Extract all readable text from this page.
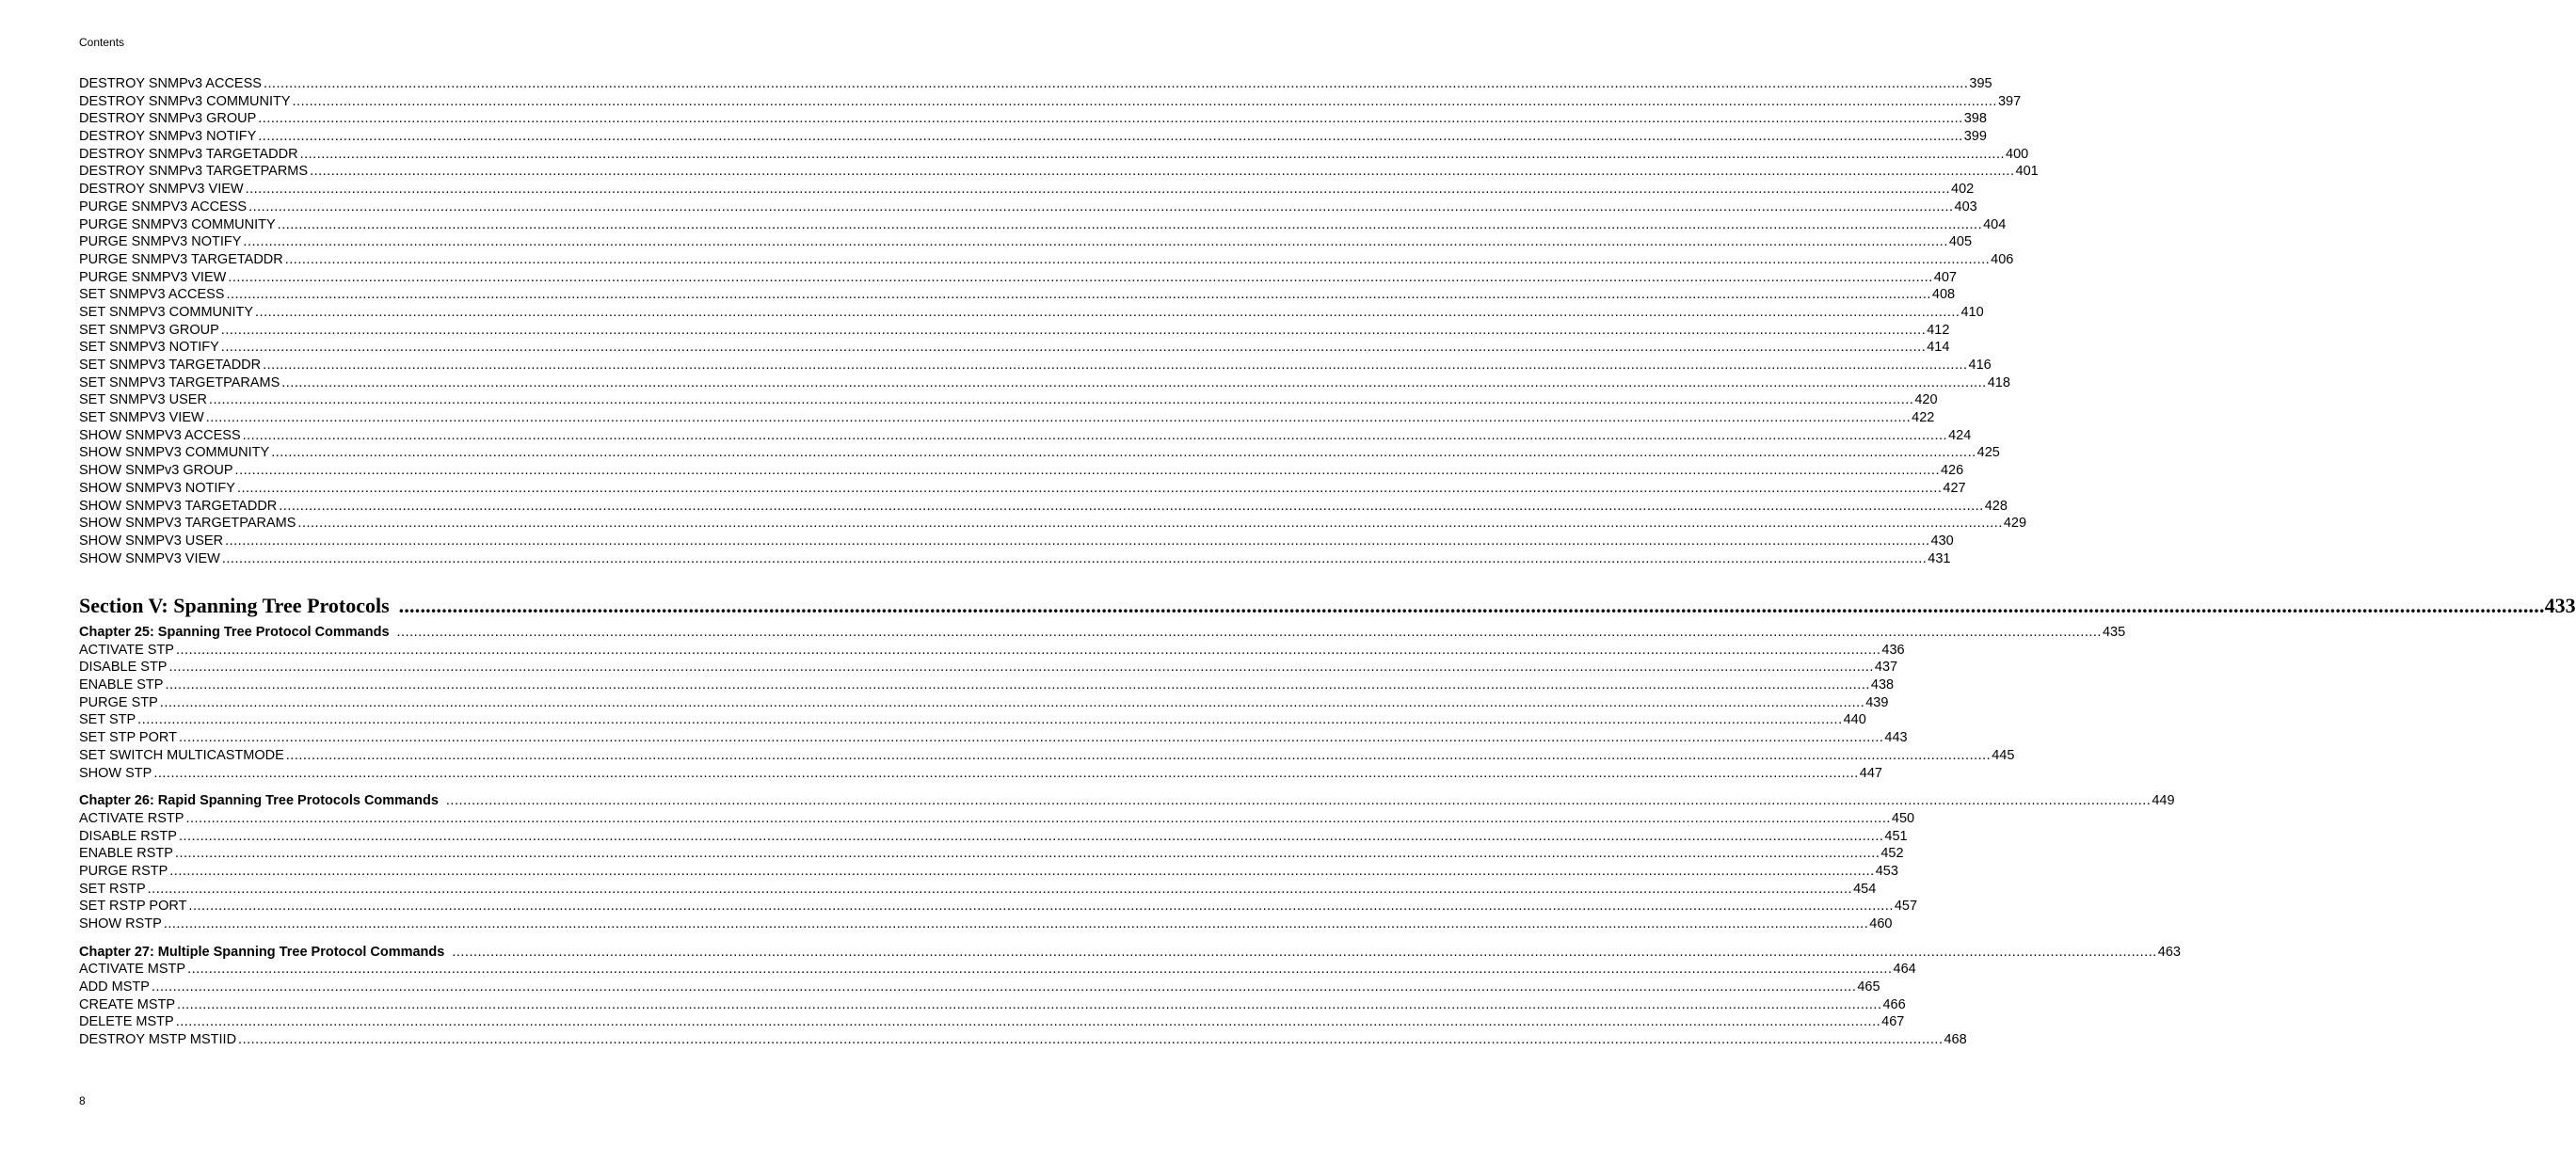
Contents
DESTROY SNMPv3 ACCESS ................................................................................................................................................................................................................................................................................................................................................................................................................ 395
DESTROY SNMPv3 COMMUNITY ................................................................................................................................................................................................................................................................................................................................................................................................................ 397
DESTROY SNMPv3 GROUP ................................................................................................................................................................................................................................................................................................................................................................................................................ 398
DESTROY SNMPv3 NOTIFY ................................................................................................................................................................................................................................................................................................................................................................................................................ 399
DESTROY SNMPv3 TARGETADDR ................................................................................................................................................................................................................................................................................................................................................................................................................ 400
DESTROY SNMPv3 TARGETPARMS ................................................................................................................................................................................................................................................................................................................................................................................................................ 401
DESTROY SNMPV3 VIEW ................................................................................................................................................................................................................................................................................................................................................................................................................ 402
PURGE SNMPV3 ACCESS ................................................................................................................................................................................................................................................................................................................................................................................................................ 403
PURGE SNMPV3 COMMUNITY ................................................................................................................................................................................................................................................................................................................................................................................................................ 404
PURGE SNMPV3 NOTIFY ................................................................................................................................................................................................................................................................................................................................................................................................................ 405
PURGE SNMPV3 TARGETADDR ................................................................................................................................................................................................................................................................................................................................................................................................................ 406
PURGE SNMPV3 VIEW ................................................................................................................................................................................................................................................................................................................................................................................................................ 407
SET SNMPV3 ACCESS ................................................................................................................................................................................................................................................................................................................................................................................................................ 408
SET SNMPV3 COMMUNITY ................................................................................................................................................................................................................................................................................................................................................................................................................ 410
SET SNMPV3 GROUP ................................................................................................................................................................................................................................................................................................................................................................................................................ 412
SET SNMPV3 NOTIFY ................................................................................................................................................................................................................................................................................................................................................................................................................ 414
SET SNMPV3 TARGETADDR ................................................................................................................................................................................................................................................................................................................................................................................................................ 416
SET SNMPV3 TARGETPARAMS ................................................................................................................................................................................................................................................................................................................................................................................................................ 418
SET SNMPV3 USER ................................................................................................................................................................................................................................................................................................................................................................................................................ 420
SET SNMPV3 VIEW ................................................................................................................................................................................................................................................................................................................................................................................................................ 422
SHOW SNMPV3 ACCESS ................................................................................................................................................................................................................................................................................................................................................................................................................ 424
SHOW SNMPV3 COMMUNITY ................................................................................................................................................................................................................................................................................................................................................................................................................ 425
SHOW SNMPv3 GROUP ................................................................................................................................................................................................................................................................................................................................................................................................................ 426
SHOW SNMPV3 NOTIFY ................................................................................................................................................................................................................................................................................................................................................................................................................ 427
SHOW SNMPV3 TARGETADDR ................................................................................................................................................................................................................................................................................................................................................................................................................ 428
SHOW SNMPV3 TARGETPARAMS ................................................................................................................................................................................................................................................................................................................................................................................................................ 429
SHOW SNMPV3 USER ................................................................................................................................................................................................................................................................................................................................................................................................................ 430
SHOW SNMPV3 VIEW ................................................................................................................................................................................................................................................................................................................................................................................................................ 431
Section V: Spanning Tree Protocols ................................................................................................................................................................................................................................................................................................................................................................................................................ 433
Chapter 25: Spanning Tree Protocol Commands ................................................................................................................................................................................................................................................................................................................................................................................................................ 435
ACTIVATE STP ................................................................................................................................................................................................................................................................................................................................................................................................................ 436
DISABLE STP ................................................................................................................................................................................................................................................................................................................................................................................................................ 437
ENABLE STP ................................................................................................................................................................................................................................................................................................................................................................................................................ 438
PURGE STP ................................................................................................................................................................................................................................................................................................................................................................................................................ 439
SET STP ................................................................................................................................................................................................................................................................................................................................................................................................................ 440
SET STP PORT ................................................................................................................................................................................................................................................................................................................................................................................................................ 443
SET SWITCH MULTICASTMODE ................................................................................................................................................................................................................................................................................................................................................................................................................ 445
SHOW STP ................................................................................................................................................................................................................................................................................................................................................................................................................ 447
Chapter 26: Rapid Spanning Tree Protocols Commands ................................................................................................................................................................................................................................................................................................................................................................................................................ 449
ACTIVATE RSTP ................................................................................................................................................................................................................................................................................................................................................................................................................ 450
DISABLE RSTP ................................................................................................................................................................................................................................................................................................................................................................................................................ 451
ENABLE RSTP ................................................................................................................................................................................................................................................................................................................................................................................................................ 452
PURGE RSTP ................................................................................................................................................................................................................................................................................................................................................................................................................ 453
SET RSTP ................................................................................................................................................................................................................................................................................................................................................................................................................ 454
SET RSTP PORT ................................................................................................................................................................................................................................................................................................................................................................................................................ 457
SHOW RSTP ................................................................................................................................................................................................................................................................................................................................................................................................................ 460
Chapter 27: Multiple Spanning Tree Protocol Commands ................................................................................................................................................................................................................................................................................................................................................................................................................ 463
ACTIVATE MSTP ................................................................................................................................................................................................................................................................................................................................................................................................................ 464
ADD MSTP ................................................................................................................................................................................................................................................................................................................................................................................................................ 465
CREATE MSTP ................................................................................................................................................................................................................................................................................................................................................................................................................ 466
DELETE MSTP ................................................................................................................................................................................................................................................................................................................................................................................................................ 467
DESTROY MSTP MSTIID ................................................................................................................................................................................................................................................................................................................................................................................................................ 468
8
